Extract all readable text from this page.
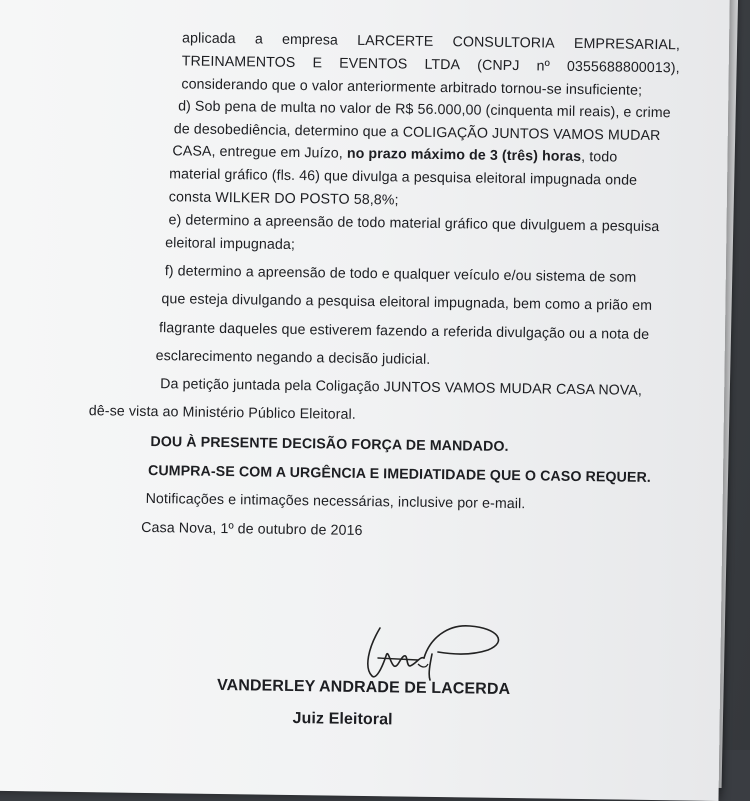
aplicada a empresa LARCERTE CONSULTORIA EMPRESARIAL,
TREINAMENTOS E EVENTOS LTDA (CNPJ nº 0355688800013),
considerando que o valor anteriormente arbitrado tornou-se insuficiente;
d) Sob pena de multa no valor de R$ 56.000,00 (cinquenta mil reais), e crime
de desobediência, determino que a COLIGAÇÃO JUNTOS VAMOS MUDAR
CASA, entregue em Juízo, no prazo máximo de 3 (três) horas, todo
material gráfico (fls. 46) que divulga a pesquisa eleitoral impugnada onde
consta WILKER DO POSTO 58,8%;
e) determino a apreensão de todo material gráfico que divulguem a pesquisa
eleitoral impugnada;
f) determino a apreensão de todo e qualquer veículo e/ou sistema de som
que esteja divulgando a pesquisa eleitoral impugnada, bem como a prião em
flagrante daqueles que estiverem fazendo a referida divulgação ou a nota de
esclarecimento negando a decisão judicial.
Da petição juntada pela Coligação JUNTOS VAMOS MUDAR CASA NOVA,
dê-se vista ao Ministério Público Eleitoral.
DOU À PRESENTE DECISÃO FORÇA DE MANDADO.
CUMPRA-SE COM A URGÊNCIA E IMEDIATIDADE QUE O CASO REQUER.
Notificações e intimações necessárias, inclusive por e-mail.
Casa Nova, 1º de outubro de 2016
VANDERLEY ANDRADE DE LACERDA
Juiz Eleitoral
